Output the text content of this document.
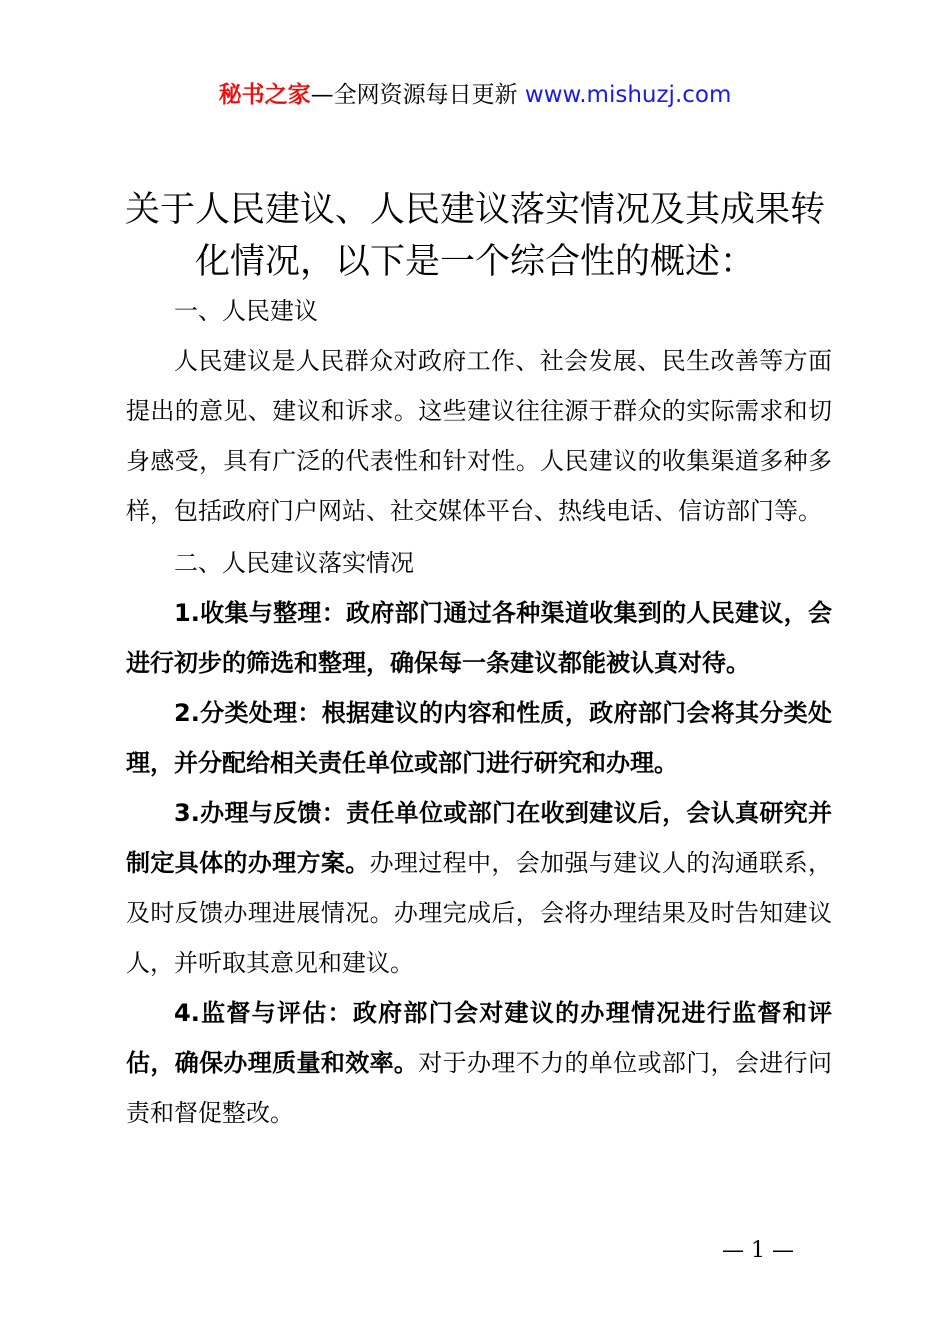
秘书之家—全网资源每日更新 www.mishuzj.com
关于人民建议、人民建议落实情况及其成果转化情况，以下是一个综合性的概述：

一、人民建议

人民建议是人民群众对政府工作、社会发展、民生改善等方面提出的意见、建议和诉求。这些建议往往源于群众的实际需求和切身感受，具有广泛的代表性和针对性。人民建议的收集渠道多种多样，包括政府门户网站、社交媒体平台、热线电话、信访部门等。

二、人民建议落实情况

1.收集与整理：政府部门通过各种渠道收集到的人民建议，会进行初步的筛选和整理，确保每一条建议都能被认真对待。

2.分类处理：根据建议的内容和性质，政府部门会将其分类处理，并分配给相关责任单位或部门进行研究和办理。

3.办理与反馈：责任单位或部门在收到建议后，会认真研究并制定具体的办理方案。办理过程中，会加强与建议人的沟通联系，及时反馈办理进展情况。办理完成后，会将办理结果及时告知建议人，并听取其意见和建议。

4.监督与评估：政府部门会对建议的办理情况进行监督和评估，确保办理质量和效率。对于办理不力的单位或部门，会进行问责和督促整改。

— 1 —
